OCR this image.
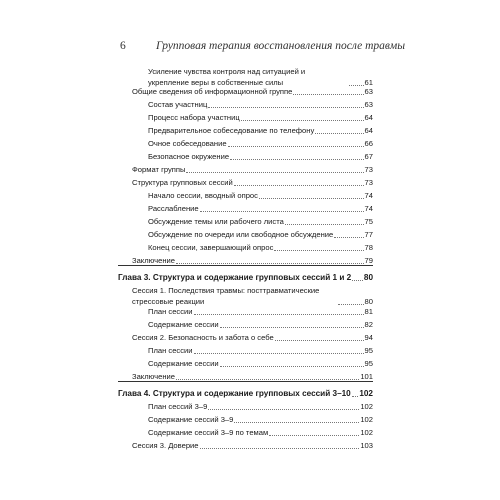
6	Групповая терапия восстановления после травмы
Усиление чувства контроля над ситуацией и укрепление веры в собственные силы	61
Общие сведения об информационной группе	63
Состав участниц	63
Процесс набора участниц	64
Предварительное собеседование по телефону	64
Очное собеседование	66
Безопасное окружение	67
Формат группы	73
Структура групповых сессий	73
Начало сессии, вводный опрос	74
Расслабление	74
Обсуждение темы или рабочего листа	75
Обсуждение по очереди или свободное обсуждение	77
Конец сессии, завершающий опрос	78
Заключение	79
Глава 3. Структура и содержание групповых сессий 1 и 2 80
Сессия 1. Последствия травмы: посттравматические стрессовые реакции	80
План сессии	81
Содержание сессии	82
Сессия 2. Безопасность и забота о себе	94
План сессии	95
Содержание сессии	95
Заключение	101
Глава 4. Структура и содержание групповых сессий 3–10 102
План сессий 3–9	102
Содержание сессий 3–9	102
Содержание сессий 3–9 по темам	102
Сессия 3. Доверие	103
